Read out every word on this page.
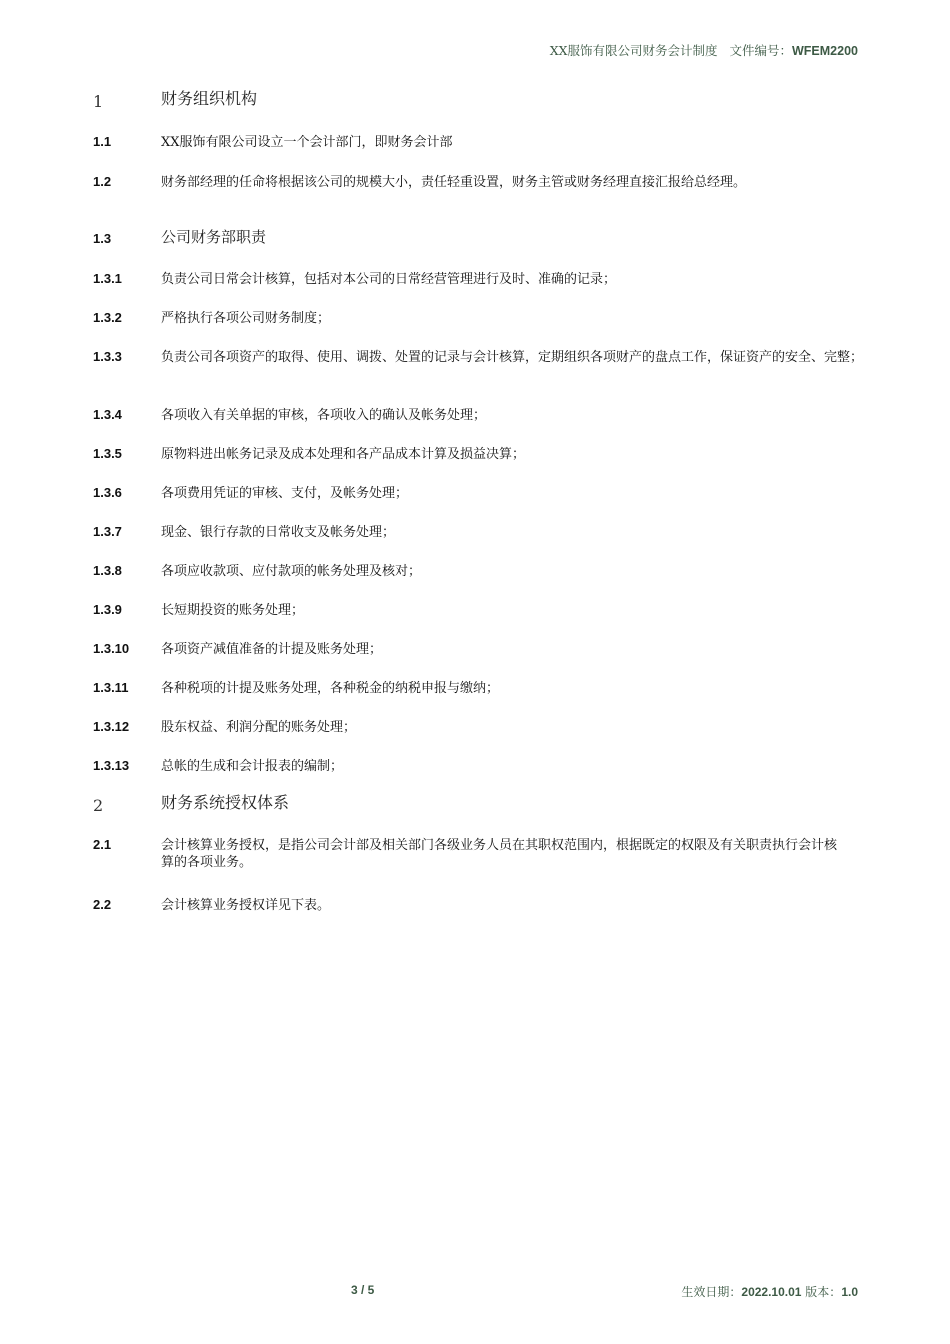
XX服饰有限公司财务会计制度 文件编号：WFEM2200
1	财务组织机构
1.1	XX服饰有限公司设立一个会计部门，即财务会计部
1.2	财务部经理的任命将根据该公司的规模大小，责任轻重设置，财务主管或财务经理直接汇报给总经理。
1.3	公司财务部职责
1.3.1	负责公司日常会计核算，包括对本公司的日常经营管理进行及时、准确的记录；
1.3.2	严格执行各项公司财务制度；
1.3.3	负责公司各项资产的取得、使用、调拨、处置的记录与会计核算，定期组织各项财产的盘点工作，保证资产的安全、完整；
1.3.4	各项收入有关单据的审核，各项收入的确认及帐务处理；
1.3.5	原物料进出帐务记录及成本处理和各产品成本计算及损益决算；
1.3.6	各项费用凭证的审核、支付，及帐务处理；
1.3.7	现金、银行存款的日常收支及帐务处理；
1.3.8	各项应收款项、应付款项的帐务处理及核对；
1.3.9	长短期投资的账务处理；
1.3.10 各项资产减值准备的计提及账务处理；
1.3.11	各种税项的计提及账务处理，各种税金的纳税申报与缴纳；
1.3.12 股东权益、利润分配的账务处理；
1.3.13 总帐的生成和会计报表的编制；
2	财务系统授权体系
2.1	会计核算业务授权，是指公司会计部及相关部门各级业务人员在其职权范围内，根据既定的权限及有关职责执行会计核算的各项业务。
2.2	会计核算业务授权详见下表。
3 / 5	生效日期：2022.10.01 版本：1.0
